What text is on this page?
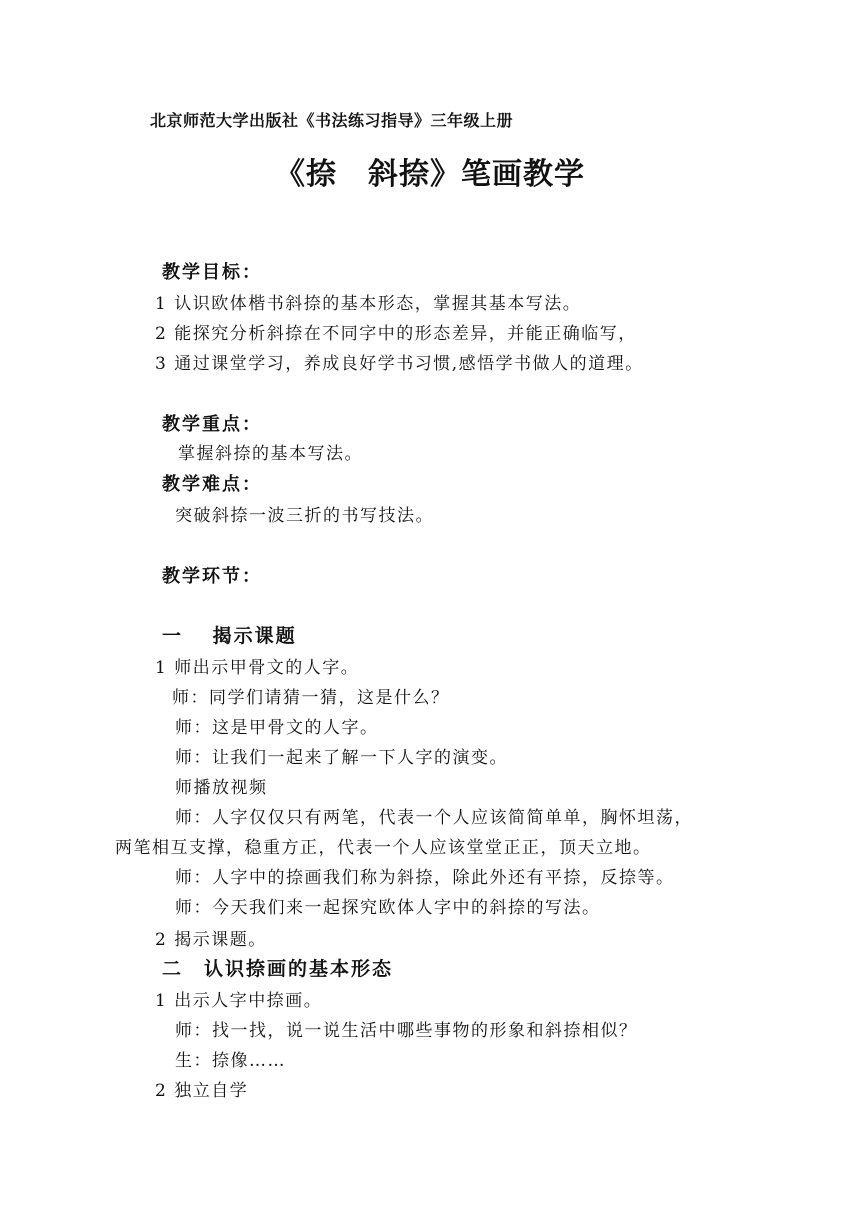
北京师范大学出版社《书法练习指导》三年级上册
《捺　斜捺》笔画教学
教学目标：
1 认识欧体楷书斜捺的基本形态，掌握其基本写法。
2 能探究分析斜捺在不同字中的形态差异，并能正确临写，
3 通过课堂学习，养成良好学书习惯,感悟学书做人的道理。
教学重点：
掌握斜捺的基本写法。
教学难点：
突破斜捺一波三折的书写技法。
教学环节：
一　 揭示课题
1 师出示甲骨文的人字。
师：同学们请猜一猜，这是什么？
师：这是甲骨文的人字。
师：让我们一起来了解一下人字的演变。
师播放视频
师：人字仅仅只有两笔，代表一个人应该简简单单，胸怀坦荡，
两笔相互支撑，稳重方正，代表一个人应该堂堂正正，顶天立地。
师：人字中的捺画我们称为斜捺，除此外还有平捺，反捺等。
师：今天我们来一起探究欧体人字中的斜捺的写法。
2 揭示课题。
二　认识捺画的基本形态
1 出示人字中捺画。
师：找一找，说一说生活中哪些事物的形象和斜捺相似？
生：捺像……
2 独立自学
